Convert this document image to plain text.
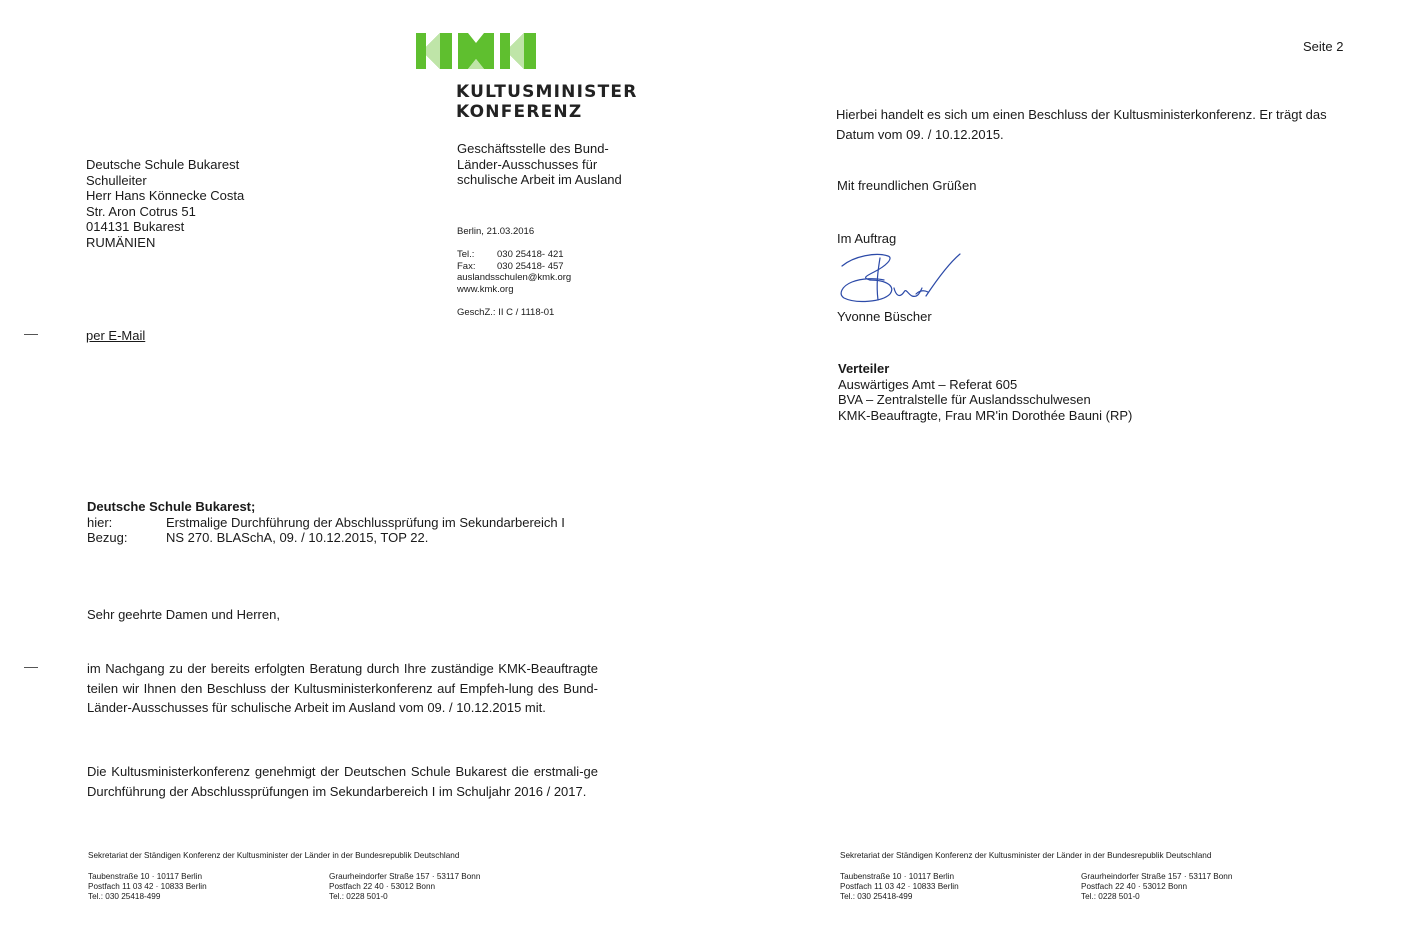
KULTUSMINISTER
KONFERENZ
Geschäftsstelle des Bund-
Länder-Ausschusses für
schulische Arbeit im Ausland
Berlin, 21.03.2016
Tel.: 030 25418- 421
Fax: 030 25418- 457
auslandsschulen@kmk.org
www.kmk.org
GeschZ.: II C / 1118-01
Deutsche Schule Bukarest
Schulleiter
Herr Hans Könnecke Costa
Str. Aron Cotrus 51
014131 Bukarest
RUMÄNIEN
per E-Mail
Deutsche Schule Bukarest;
hier:	Erstmalige Durchführung der Abschlussprüfung im Sekundarbereich I
Bezug:	NS 270. BLASchA, 09. / 10.12.2015, TOP 22.
Sehr geehrte Damen und Herren,
im Nachgang zu der bereits erfolgten Beratung durch Ihre zuständige KMK-Beauftragte teilen wir Ihnen den Beschluss der Kultusministerkonferenz auf Empfeh-lung des Bund-Länder-Ausschusses für schulische Arbeit im Ausland vom 09. / 10.12.2015 mit.
Die Kultusministerkonferenz genehmigt der Deutschen Schule Bukarest die erstmali-ge Durchführung der Abschlussprüfungen im Sekundarbereich I im Schuljahr 2016 / 2017.
Sekretariat der Ständigen Konferenz der Kultusminister der Länder in der Bundesrepublik Deutschland
Taubenstraße 10 · 10117 Berlin
Postfach 11 03 42 · 10833 Berlin
Tel.: 030 25418-499
Graurheindorfer Straße 157 · 53117 Bonn
Postfach 22 40 · 53012 Bonn
Tel.: 0228 501-0
Seite 2
Hierbei handelt es sich um einen Beschluss der Kultusministerkonferenz. Er trägt das Datum vom 09. / 10.12.2015.
Mit freundlichen Grüßen
Im Auftrag
Yvonne Büscher
Verteiler
Auswärtiges Amt – Referat 605
BVA – Zentralstelle für Auslandsschulwesen
KMK-Beauftragte, Frau MR'in Dorothée Bauni (RP)
Sekretariat der Ständigen Konferenz der Kultusminister der Länder in der Bundesrepublik Deutschland
Taubenstraße 10 · 10117 Berlin
Postfach 11 03 42 · 10833 Berlin
Tel.: 030 25418-499
Graurheindorfer Straße 157 · 53117 Bonn
Postfach 22 40 · 53012 Bonn
Tel.: 0228 501-0
